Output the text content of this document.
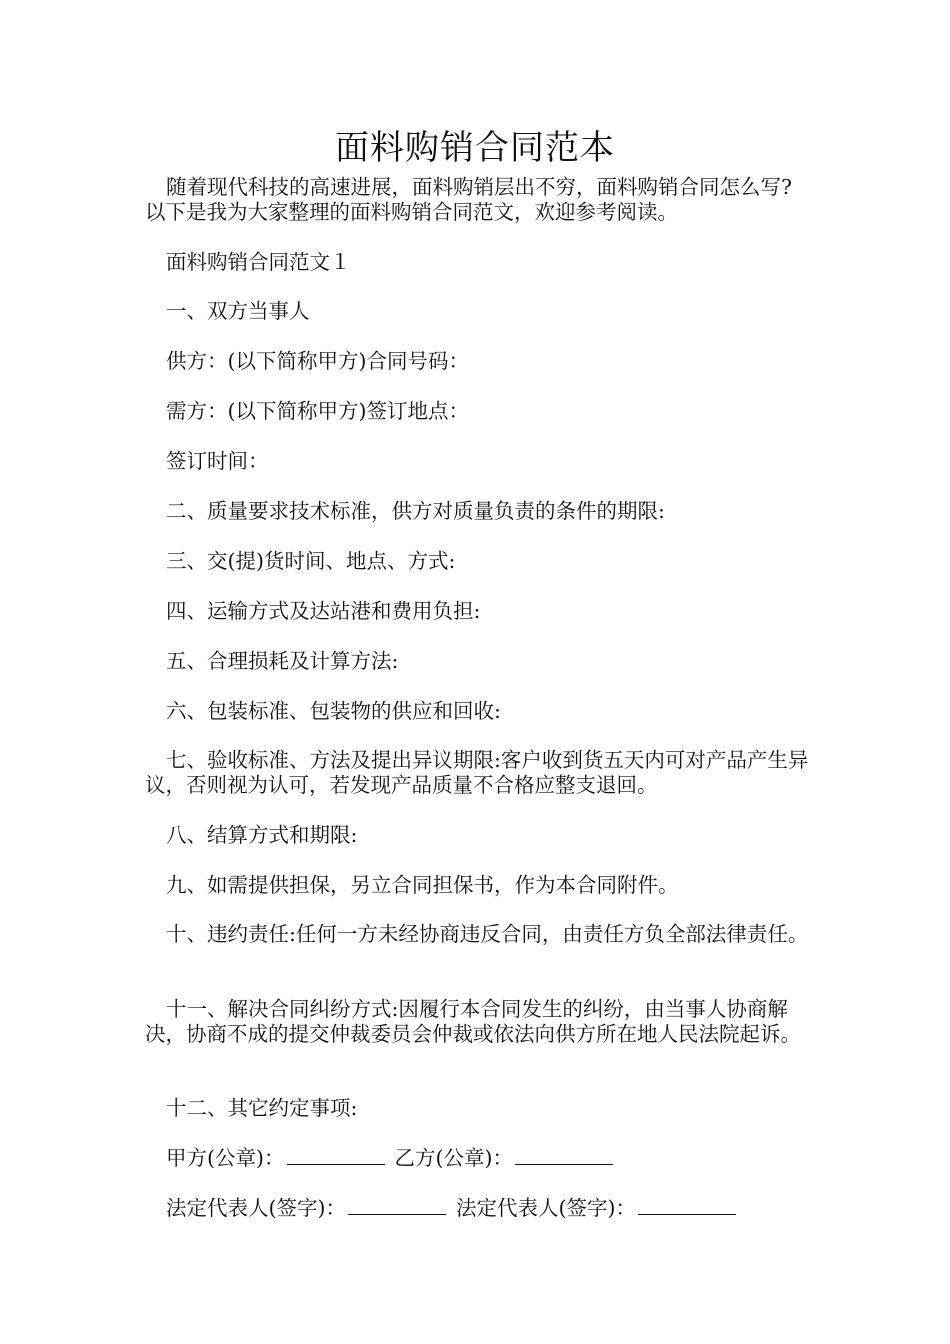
面料购销合同范本

随着现代科技的高速进展，面料购销层出不穷，面料购销合同怎么写?以下是我为大家整理的面料购销合同范文，欢迎参考阅读。

面料购销合同范文１

一、双方当事人

供方：(以下简称甲方)合同号码：

需方：(以下简称甲方)签订地点：

签订时间：

二、质量要求技术标准，供方对质量负责的条件的期限:

三、交(提)货时间、地点、方式:

四、运输方式及达站港和费用负担:

五、合理损耗及计算方法:

六、包装标准、包装物的供应和回收:

七、验收标准、方法及提出异议期限:客户收到货五天内可对产品产生异议，否则视为认可，若发现产品质量不合格应整支退回。

八、结算方式和期限:

九、如需提供担保，另立合同担保书，作为本合同附件。

十、违约责任:任何一方未经协商违反合同，由责任方负全部法律责任。

十一、解决合同纠纷方式:因履行本合同发生的纠纷，由当事人协商解决，协商不成的提交仲裁委员会仲裁或依法向供方所在地人民法院起诉。

十二、其它约定事项:

甲方(公章)：	乙方(公章)：

法定代表人(签字)：	法定代表人(签字)：
